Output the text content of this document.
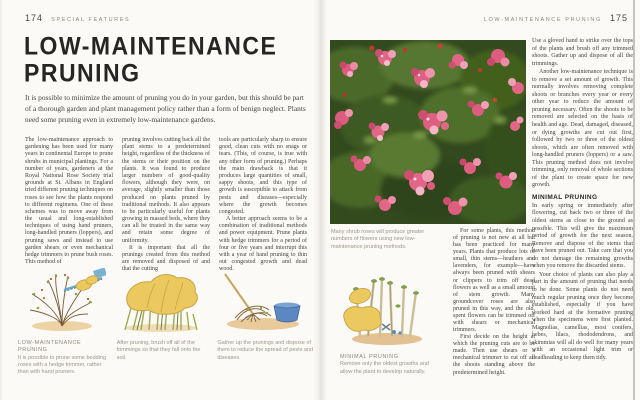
174 SPECIAL FEATURES
LOW-MAINTENANCE
PRUNING

It is possible to minimize the amount of pruning you do in your garden, but this should be part of a thorough garden and plant management policy rather than a form of benign neglect. Plants need some pruning even in extremely low-maintenance gardens.

The low-maintenance approach to gardening has been used for many years in continental Europe to prune shrubs in municipal plantings. For a number of years, gardeners at the Royal National Rose Society trial grounds at St. Albans in England tried different pruning techniques on roses to see how the plants respond to different regimens. One of these schemes was to move away from the usual and long-established techniques of using hand pruners, long-handled pruners (loppers), and pruning saws and instead to use garden shears or even mechanical hedge trimmers to prune bush roses. This method of

pruning involves cutting back all the plant stems to a predetermined height, regardless of the thickness of the stems or their position on the plants. It was found to produce larger numbers of good-quality flowers, although they were, on average, slightly smaller than those produced on plants pruned by traditional methods. It also appears to be particularly useful for plants growing in massed beds, where they can all be treated in the same way and retain some degree of uniformity.

It is important that all the prunings created from this method are removed and disposed of and that the cutting

tools are particularly sharp to ensure good, clean cuts with no snags or tears. (This, of course, is true with any other form of pruning.) Perhaps the main drawback is that it produces large quantities of small, sappy shoots, and this type of growth is susceptible to attack from pests and diseases—especially where the growth becomes congested.

A better approach seems to be a combination of traditional methods and power equipment. Prune plants with hedge trimmers for a period of four or five years and interrupt this with a year of hand pruning to thin out congested growth and dead wood.

LOW-MAINTENANCE PRUNING
It is possible to prune some bedding roses with a hedge trimmer, rather than with hand pruners.
After pruning, brush off all of the trimmings so that they fall onto the soil.
Gather up the prunings and dispose of them to reduce the spread of pests and diseases.
LOW-MAINTENANCE PRUNING 175
Many shrub roses will produce greater numbers of flowers using new low-maintenance pruning methods.

For some plants, this method of pruning is not new at all but has been practiced for many years. Plants that produce lots of small, thin stems—heathers and lavenders, for example—have always been pruned with shears or clippers to trim off dead flowers as well as a small amount of stem growth. Many groundcover roses are also pruned in this way, and the old, spent flowers can be trimmed off with shears or mechanical trimmers.

First decide on the height at which the pruning cuts are to be made. Then use shears or a mechanical trimmer to cut off all the shoots standing above the predetermined height.

MINIMAL PRUNING
Remove only the oldest growths and allow the plant to develop naturally.

Use a gloved hand to strike over the tops of the plants and brush off any trimmed shoots. Gather up and dispose of all the trimmings.

Another low-maintenance technique is to remove a set amount of growth. This normally involves removing complete shoots or branches every year or every other year to reduce the amount of pruning necessary. Often the shoots to be removed are selected on the basis of health and age. Dead, damaged, diseased, or dying growths are cut out first, followed by two or three of the oldest shoots, which are often removed with long-handled pruners (loppers) or a saw. This pruning method does not involve trimming, only removal of whole sections of the plant to create space for new growth.

MINIMAL PRUNING

In early spring or immediately after flowering, cut back two or three of the oldest stems as close to the ground as possible. This will give the maximum period of growth for the next season. Remove and dispose of the stems that have been pruned out. Take care that you do not damage the remaining growths when you remove the discarded stems.

Your choice of plants can also play a part in the amount of pruning that needs to be done. Some plants do not need much regular pruning once they become established, especially if you have worked hard at the formative pruning when the specimens were first planted. Magnolias, camellias, most conifers, hebes, lilacs, rhododendrons, and skimmias will all do well for many years with an occasional light trim or deadheading to keep them tidy.
